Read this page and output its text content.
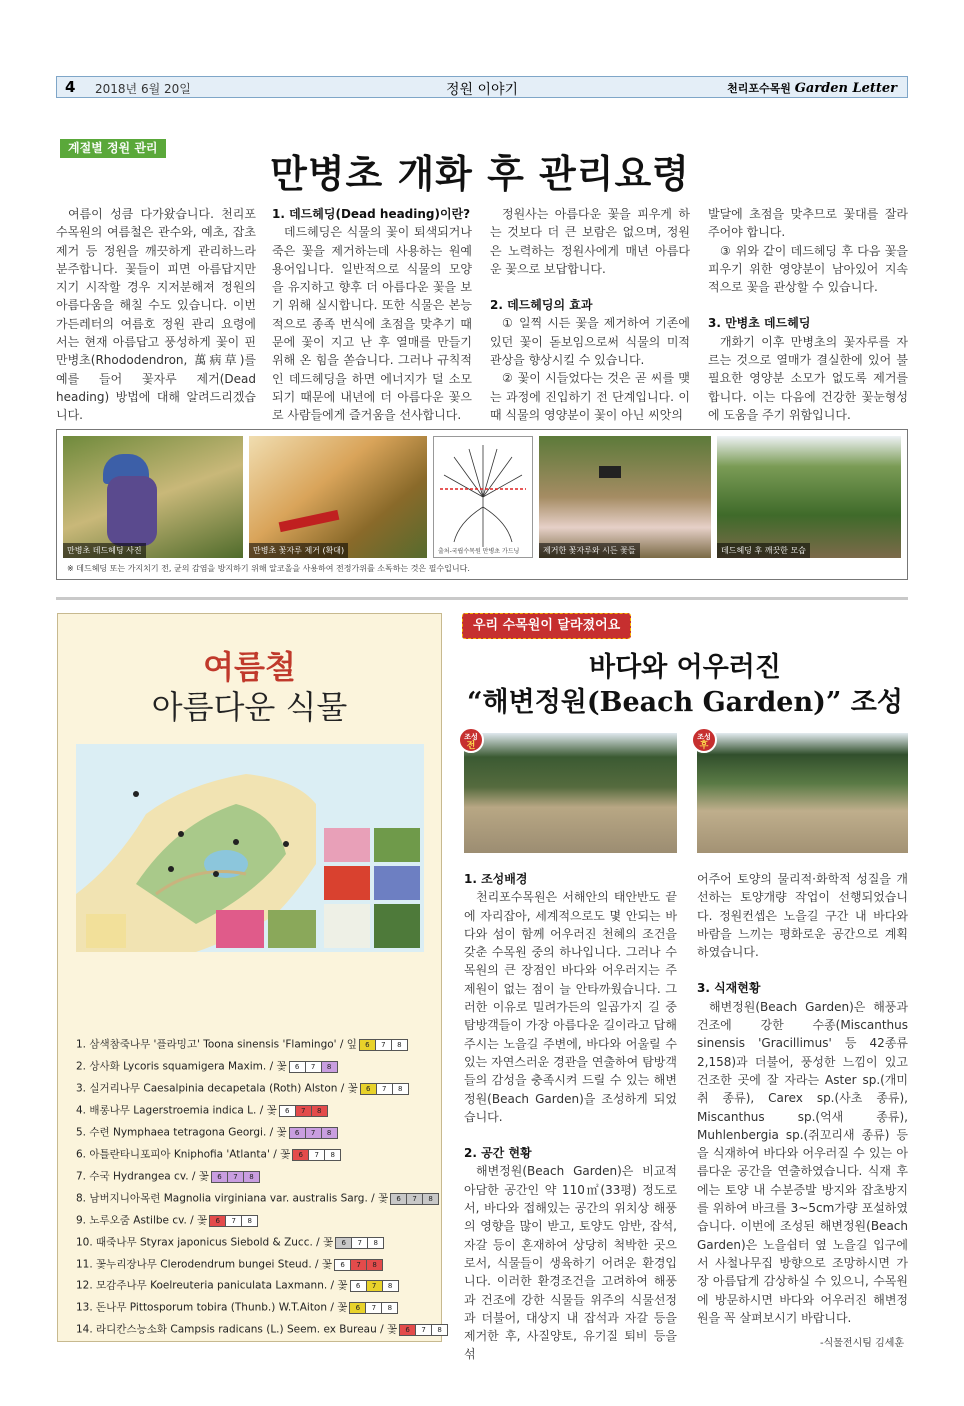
4 2018년 6월 20일	정원 이야기	천리포수목원 Garden Letter
계절별 정원 관리
만병초 개화 후 관리요령

여름이 성큼 다가왔습니다. 천리포수목원의 여름철은 관수와, 예초, 잡초제거 등 정원을 깨끗하게 관리하느라 분주합니다. 꽃들이 피면 아름답지만 지기 시작할 경우 지저분해져 정원의 아름다움을 해칠 수도 있습니다. 이번 가든레터의 여름호 정원 관리 요령에서는 현재 아름답고 풍성하게 꽃이 핀 만병초(Rhododendron, 萬病草)를 예를 들어 꽃자루 제거(Dead heading) 방법에 대해 알려드리겠습니다.

1. 데드헤딩(Dead heading)이란?

데드헤딩은 식물의 꽃이 퇴색되거나 죽은 꽃을 제거하는데 사용하는 원예 용어입니다. 일반적으로 식물의 모양을 유지하고 향후 더 아름다운 꽃을 보기 위해 실시합니다. 또한 식물은 본능적으로 종족 번식에 초점을 맞추기 때문에 꽃이 지고 난 후 열매를 만들기 위해 온 힘을 쏟습니다. 그러나 규칙적인 데드헤딩을 하면 에너지가 덜 소모되기 때문에 내년에 더 아름다운 꽃으로 사람들에게 즐거움을 선사합니다.

정원사는 아름다운 꽃을 피우게 하는 것보다 더 큰 보람은 없으며, 정원은 노력하는 정원사에게 매년 아름다운 꽃으로 보답합니다.

2. 데드헤딩의 효과

① 일찍 시든 꽃을 제거하여 기존에 있던 꽃이 돋보임으로써 식물의 미적 관상을 향상시킬 수 있습니다.

② 꽃이 시들었다는 것은 곧 씨를 맺는 과정에 진입하기 전 단계입니다. 이 때 식물의 영양분이 꽃이 아닌 씨앗의

발달에 초점을 맞추므로 꽃대를 잘라 주어야 합니다.

③ 위와 같이 데드헤딩 후 다음 꽃을 피우기 위한 영양분이 남아있어 지속적으로 꽃을 관상할 수 있습니다.

3. 만병초 데드헤딩

개화기 이후 만병초의 꽃자루를 자르는 것으로 열매가 결실한에 있어 불필요한 영양분 소모가 없도록 제거를 합니다. 이는 다음에 건강한 꽃눈형성에 도움을 주기 위함입니다.

만병초 데드헤딩 사진	만병초 꽃자루 제거 (확대)	출처-국립수목원 만병초 가드닝	제거한 꽃자루와 시든 꽃들	데드헤딩 후 깨끗한 모습
※ 데드헤딩 또는 가지치기 전, 균의 감염을 방지하기 위해 알코올을 사용하여 전정가위를 소독하는 것은 필수입니다.
여름철
아름다운 식물
1. 삼색참죽나무 '플라밍고' Toona sinensis 'Flamingo' / 잎 6 7 8
2. 상사화 Lycoris squamigera Maxim. / 꽃 6 7 8
3. 실거리나무 Caesalpinia decapetala (Roth) Alston / 꽃 6 7 8
4. 배롱나무 Lagerstroemia indica L. / 꽃 6 7 8
5. 수련 Nymphaea tetragona Georgi. / 꽃 6 7 8
6. 아틀란타니포피아 Kniphofia 'Atlanta' / 꽃 6 7 8
7. 수국 Hydrangea cv. / 꽃 6 7 8
8. 남버지니아목련 Magnolia virginiana var. australis Sarg. / 꽃 6 7 8
9. 노루오줌 Astilbe cv. / 꽃 6 7 8
10. 때죽나무 Styrax japonicus Siebold & Zucc. / 꽃 6 7 8
11. 꽃누리장나무 Clerodendrum bungei Steud. / 꽃 6 7 8
12. 모감주나무 Koelreuteria paniculata Laxmann. / 꽃 6 7 8
13. 돈나무 Pittosporum tobira (Thunb.) W.T.Aiton / 꽃 6 7 8
14. 라디칸스능소화 Campsis radicans (L.) Seem. ex Bureau / 꽃 6 7 8
우리 수목원이 달라졌어요
바다와 어우러진
“해변정원(Beach Garden)” 조성
조성
전
조성
후

1. 조성배경

천리포수목원은 서해안의 태안반도 끝에 자리잡아, 세계적으로도 몇 안되는 바다와 섬이 함께 어우러진 천혜의 조건을 갖춘 수목원 중의 하나입니다. 그러나 수목원의 큰 장점인 바다와 어우러지는 주제원이 없는 점이 늘 안타까웠습니다. 그러한 이유로 밀려가든의 일곱가지 길 중 탐방객들이 가장 아름다운 길이라고 답해주시는 노을길 주변에, 바다와 어울릴 수 있는 자연스러운 경관을 연출하여 탐방객들의 감성을 충족시켜 드릴 수 있는 해변정원(Beach Garden)을 조성하게 되었습니다.

2. 공간 현황

해변정원(Beach Garden)은 비교적 아담한 공간인 약 110㎡(33평) 정도로서, 바다와 접해있는 공간의 위치상 해풍의 영향을 많이 받고, 토양도 암반, 잡석, 자갈 등이 혼재하여 상당히 척박한 곳으로서, 식물들이 생육하기 어려운 환경입니다. 이러한 환경조건을 고려하여 해풍과 건조에 강한 식물들 위주의 식물선정과 더불어, 대상지 내 잡석과 자갈 등을 제거한 후, 사질양토, 유기질 퇴비 등을 섞

어주어 토양의 물리적·화학적 성질을 개선하는 토양개량 작업이 선행되었습니다. 정원컨셉은 노을길 구간 내 바다와 바람을 느끼는 평화로운 공간으로 계획하였습니다.

3. 식재현황

해변정원(Beach Garden)은 해풍과 건조에 강한 수종(Miscanthus sinensis 'Gracillimus' 등 42종류 2,158)과 더불어, 풍성한 느낌이 있고 건조한 곳에 잘 자라는 Aster sp.(개미취 종류), Carex sp.(사초 종류), Miscanthus sp.(억새 종류), Muhlenbergia sp.(쥐꼬리새 종류) 등을 식재하여 바다와 어우러질 수 있는 아름다운 공간을 연출하였습니다. 식재 후에는 토양 내 수분증발 방지와 잡초방지를 위하여 바크를 3~5cm가량 포설하였습니다. 이번에 조성된 해변정원(Beach Garden)은 노을쉼터 옆 노을길 입구에서 사철나무집 방향으로 조망하시면 가장 아름답게 감상하실 수 있으니, 수목원에 방문하시면 바다와 어우러진 해변정원을 꼭 살펴보시기 바랍니다.

-식물전시팀 김세훈
